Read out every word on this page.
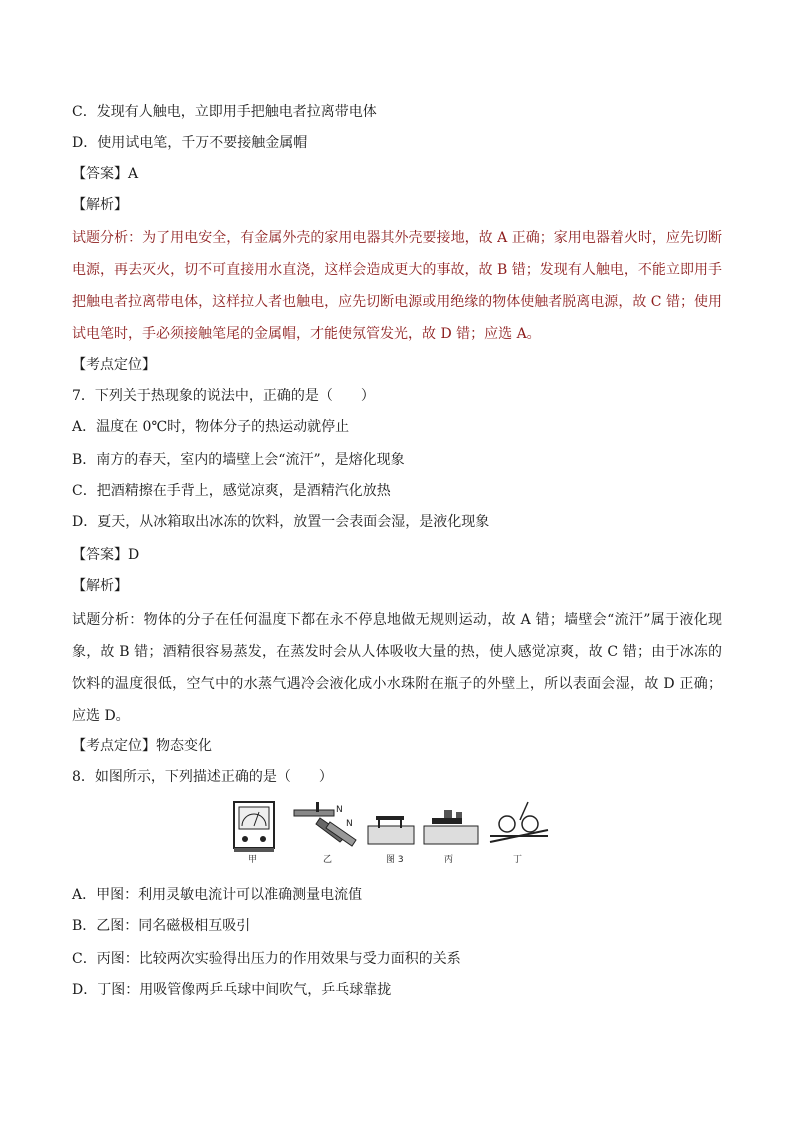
C．发现有人触电，立即用手把触电者拉离带电体
D．使用试电笔，千万不要接触金属帽
【答案】A
【解析】
试题分析：为了用电安全，有金属外壳的家用电器其外壳要接地，故 A 正确；家用电器着火时，应先切断电源，再去灭火，切不可直接用水直浇，这样会造成更大的事故，故 B 错；发现有人触电，不能立即用手把触电者拉离带电体，这样拉人者也触电，应先切断电源或用绝缘的物体使触者脱离电源，故 C 错；使用试电笔时，手必须接触笔尾的金属帽，才能使氖管发光，故 D 错；应选 A。
【考点定位】
7．下列关于热现象的说法中，正确的是（　　）
A．温度在 0℃时，物体分子的热运动就停止
B．南方的春天，室内的墙壁上会“流汗”，是熔化现象
C．把酒精擦在手背上，感觉凉爽，是酒精汽化放热
D．夏天，从冰箱取出冰冻的饮料，放置一会表面会湿，是液化现象
【答案】D
【解析】
试题分析：物体的分子在任何温度下都在永不停息地做无规则运动，故 A 错；墙壁会“流汗”属于液化现象，故 B 错；酒精很容易蒸发，在蒸发时会从人体吸收大量的热，使人感觉凉爽，故 C 错；由于冰冻的饮料的温度很低，空气中的水蒸气遇冷会液化成小水珠附在瓶子的外壁上，所以表面会湿，故 D 正确；应选 D。
【考点定位】物态变化
8．如图所示，下列描述正确的是（　　）
甲
N
N
乙	图 3	丙	丁
A．甲图：利用灵敏电流计可以准确测量电流值
B．乙图：同名磁极相互吸引
C．丙图：比较两次实验得出压力的作用效果与受力面积的关系
D．丁图：用吸管像两乒乓球中间吹气，乒乓球靠拢
